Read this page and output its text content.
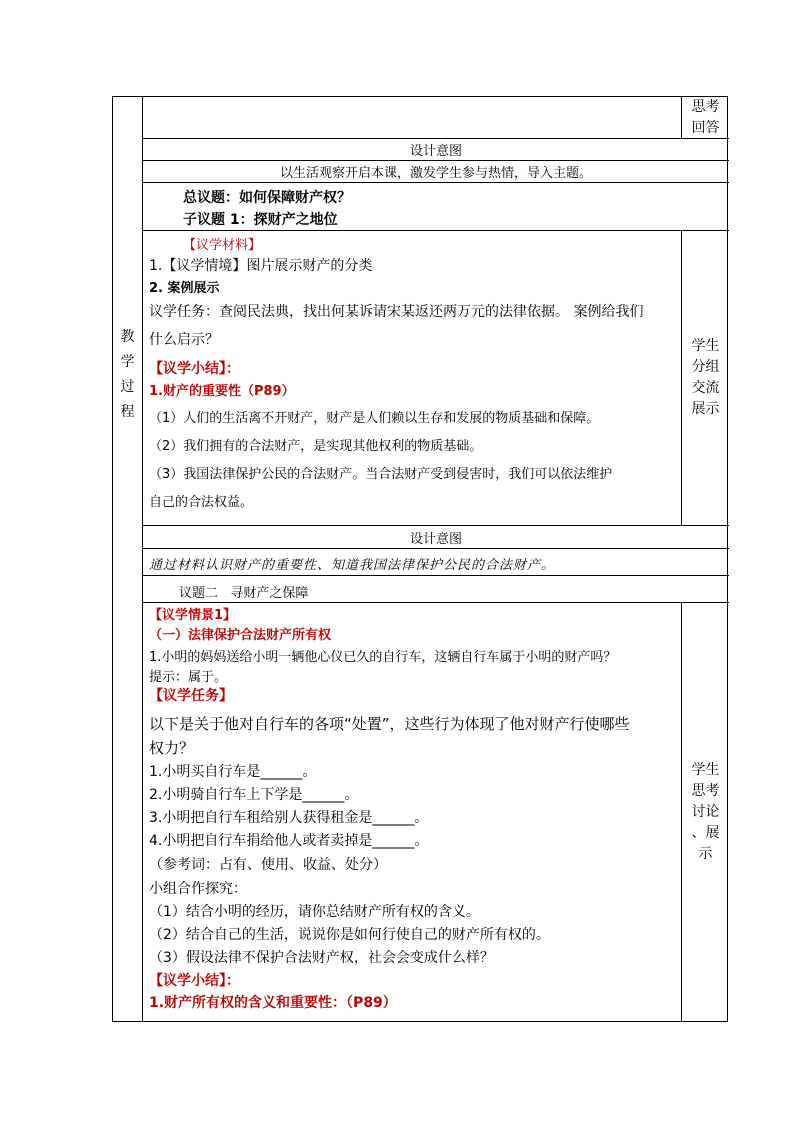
教
学
过
程
思考
回答
设计意图
以生活观察开启本课，激发学生参与热情，导入主题。
总议题：如何保障财产权？
子议题 1：探财产之地位
【议学材料】
1.【议学情境】图片展示财产的分类
2. 案例展示
议学任务：查阅民法典，找出何某诉请宋某返还两万元的法律依据。 案例给我们
什么启示？
【议学小结】：
1.财产的重要性（P89）
（1）人们的生活离不开财产，财产是人们赖以生存和发展的物质基础和保障。
（2）我们拥有的合法财产，是实现其他权利的物质基础。
（3）我国法律保护公民的合法财产。当合法财产受到侵害时，我们可以依法维护
自己的合法权益。
学生
分组
交流
展示
设计意图
通过材料认识财产的重要性、知道我国法律保护公民的合法财产。
议题二   寻财产之保障
【议学情景1】
（一）法律保护合法财产所有权
1.小明的妈妈送给小明一辆他心仪已久的自行车，这辆自行车属于小明的财产吗？
提示：属于。
【议学任务】
以下是关于他对自行车的各项“处置”，这些行为体现了他对财产行使哪些
权力？
1.小明买自行车是______。
2.小明骑自行车上下学是______。
3.小明把自行车租给别人获得租金是______。
4.小明把自行车捐给他人或者卖掉是______。
（参考词：占有、使用、收益、处分）
小组合作探究：
（1）结合小明的经历，请你总结财产所有权的含义。
（2）结合自己的生活，说说你是如何行使自己的财产所有权的。
（3）假设法律不保护合法财产权，社会会变成什么样？
【议学小结】：
1.财产所有权的含义和重要性：（P89）
学生
思考
讨论
、展
示
